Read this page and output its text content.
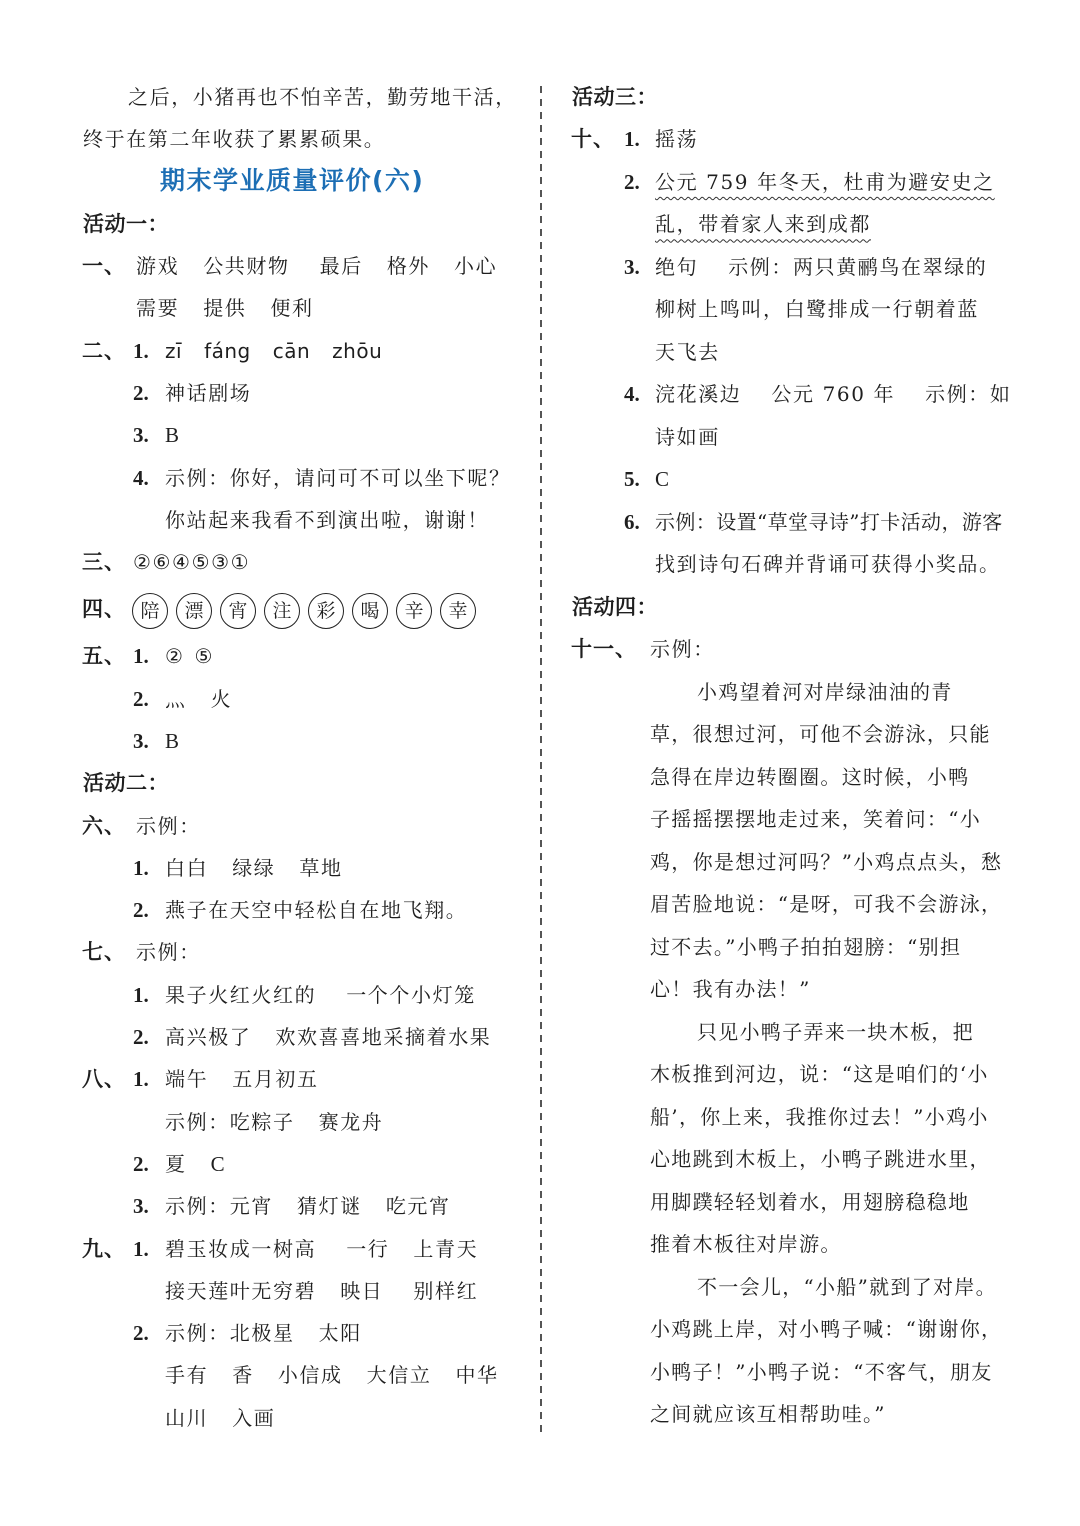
之后，小猪再也不怕辛苦，勤劳地干活，
终于在第二年收获了累累硕果。
期末学业质量评价(六)
活动一：
一、 游戏 公共财物 最后 格外 小心
需要 提供 便利
二、 1. zī fáng cān zhōu
2. 神话剧场
3. B
4. 示例：你好，请问可不可以坐下呢？
你站起来我看不到演出啦，谢谢！
三、 ②⑥④⑤③①
四、 陪 漂 宵 注 彩 喝 辛 幸
五、 1. ② ⑤
2. 灬 火
3. B
活动二：
六、 示例：
1. 白白 绿绿 草地
2. 燕子在天空中轻松自在地飞翔。
七、 示例：
1. 果子火红火红的 一个个小灯笼
2. 高兴极了 欢欢喜喜地采摘着水果
八、 1. 端午 五月初五
示例：吃粽子 赛龙舟
2. 夏 C
3. 示例：元宵 猜灯谜 吃元宵
九、 1. 碧玉妆成一树高 一行 上青天
接天莲叶无穷碧 映日 别样红
2. 示例：北极星 太阳
手有 香 小信成 大信立 中华
山川 入画
活动三：
十、 1. 摇荡
2. 公元 759 年冬天，杜甫为避安史之
乱，带着家人来到成都
3. 绝句 示例：两只黄鹂鸟在翠绿的
柳树上鸣叫，白鹭排成一行朝着蓝
天飞去
4. 浣花溪边 公元 760 年 示例：如
诗如画
5. C
6. 示例：设置“草堂寻诗”打卡活动，游客
找到诗句石碑并背诵可获得小奖品。
活动四：
十一、 示例：
小鸡望着河对岸绿油油的青
草，很想过河，可他不会游泳，只能
急得在岸边转圈圈。这时候，小鸭
子摇摇摆摆地走过来，笑着问：“小
鸡，你是想过河吗？”小鸡点点头，愁
眉苦脸地说：“是呀，可我不会游泳，
过不去。”小鸭子拍拍翅膀：“别担
心！我有办法！”
只见小鸭子弄来一块木板，把
木板推到河边，说：“这是咱们的‘小
船’，你上来，我推你过去！”小鸡小
心地跳到木板上，小鸭子跳进水里，
用脚蹼轻轻划着水，用翅膀稳稳地
推着木板往对岸游。
不一会儿，“小船”就到了对岸。
小鸡跳上岸，对小鸭子喊：“谢谢你，
小鸭子！”小鸭子说：“不客气，朋友
之间就应该互相帮助哇。”
